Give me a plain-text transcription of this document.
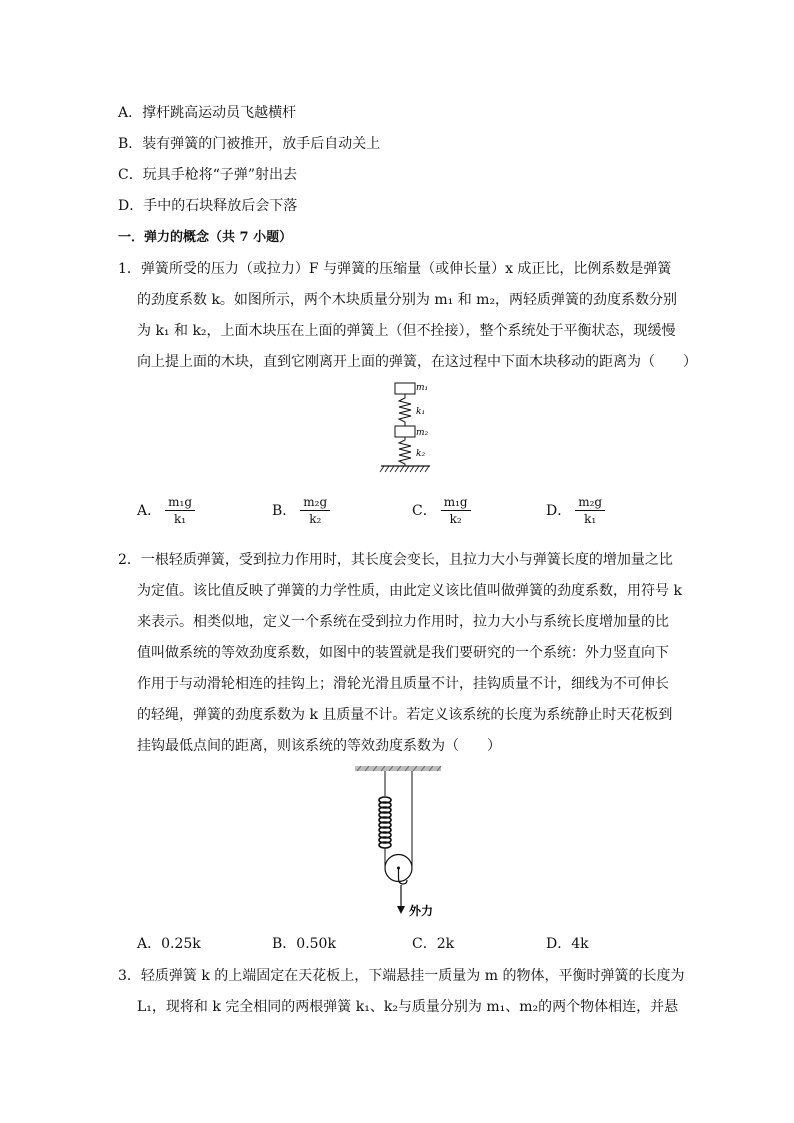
A．撑杆跳高运动员飞越横杆
B．装有弹簧的门被推开，放手后自动关上
C．玩具手枪将“子弹”射出去
D．手中的石块释放后会下落
一．弹力的概念（共 7 小题）
1．弹簧所受的压力（或拉力）F 与弹簧的压缩量（或伸长量）x 成正比，比例系数是弹簧
的劲度系数 k。如图所示，两个木块质量分别为 m₁ 和 m₂，两轻质弹簧的劲度系数分别
为 k₁ 和 k₂，上面木块压在上面的弹簧上（但不拴接），整个系统处于平衡状态，现缓慢
向上提上面的木块，直到它刚离开上面的弹簧，在这过程中下面木块移动的距离为（　　）
m₁
k₁
m₂
k₂
A． $\frac{\text{m₁g}}{\text{k₁}}$	B． $\frac{\text{m₂g}}{\text{k₂}}$	C． $\frac{\text{m₁g}}{\text{k₂}}$	D． $\frac{\text{m₂g}}{\text{k₁}}$
2．一根轻质弹簧，受到拉力作用时，其长度会变长，且拉力大小与弹簧长度的增加量之比
为定值。该比值反映了弹簧的力学性质，由此定义该比值叫做弹簧的劲度系数，用符号 k
来表示。相类似地，定义一个系统在受到拉力作用时，拉力大小与系统长度增加量的比
值叫做系统的等效劲度系数，如图中的装置就是我们要研究的一个系统：外力竖直向下
作用于与动滑轮相连的挂钩上；滑轮光滑且质量不计，挂钩质量不计，细线为不可伸长
的轻绳，弹簧的劲度系数为 k 且质量不计。若定义该系统的长度为系统静止时天花板到
挂钩最低点间的距离，则该系统的等效劲度系数为（　　）
外力
A．0.25k	B．0.50k	C．2k	D．4k
3．轻质弹簧 k 的上端固定在天花板上，下端悬挂一质量为 m 的物体，平衡时弹簧的长度为
L₁，现将和 k 完全相同的两根弹簧 k₁、k₂与质量分别为 m₁、m₂的两个物体相连，并悬
